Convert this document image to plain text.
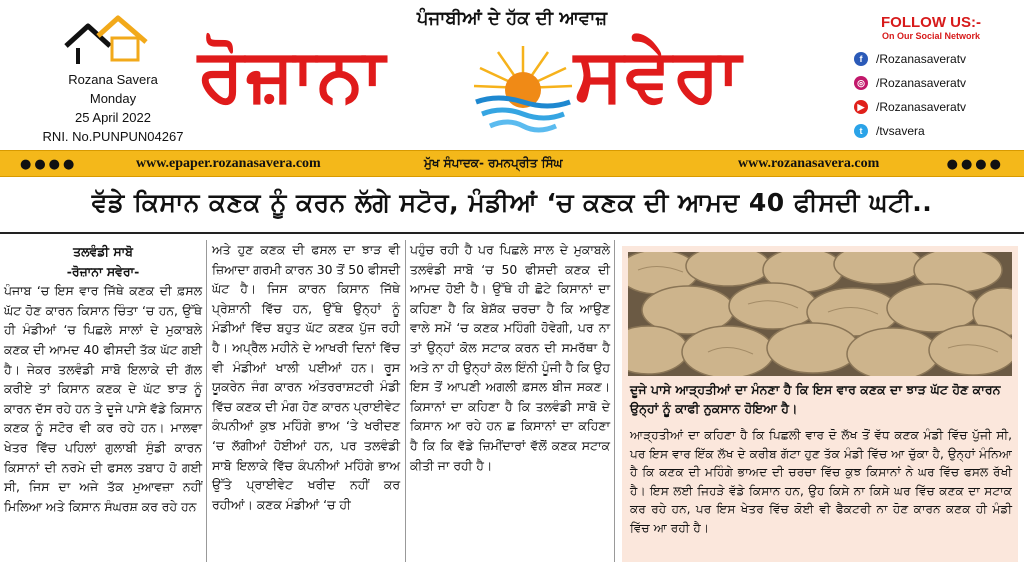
Rozana Savera
Monday
25 April 2022
RNI. No.PUNPUN04267
ਪੰਜਾਬੀਆਂ ਦੇ ਹੱਕ ਦੀ ਆਵਾਜ਼
ਰੋਜ਼ਾਨਾ	ਸਵੇਰਾ
FOLLOW US:-
On Our Social Network
f	/Rozanasaveratv
◎ /Rozanasaveratv
▶ /Rozanasaveratv
t	/tvsavera
●●●●	www.epaper.rozanasavera.com	ਮੁੱਖ ਸੰਪਾਦਕ- ਰਮਨਪ੍ਰੀਤ ਸਿੰਘ	www.rozanasavera.com	●●●●
ਵੱਡੇ ਕਿਸਾਨ ਕਣਕ ਨੂੰ ਕਰਨ ਲੱਗੇ ਸਟੋਰ, ਮੰਡੀਆਂ ‘ਚ ਕਣਕ ਦੀ ਆਮਦ 40 ਫੀਸਦੀ ਘਟੀ..
ਤਲਵੰਡੀ ਸਾਬੋ
-ਰੋਜ਼ਾਨਾ ਸਵੇਰਾ-
ਪੰਜਾਬ ‘ਚ ਇਸ ਵਾਰ ਜਿੱਥੇ ਕਣਕ ਦੀ ਫ਼ਸਲ ਘੱਟ ਹੋਣ ਕਾਰਨ ਕਿਸਾਨ ਚਿੰਤਾ ‘ਚ ਹਨ, ਉੱਥੇ ਹੀ ਮੰਡੀਆਂ ‘ਚ ਪਿਛਲੇ ਸਾਲਾਂ ਦੇ ਮੁਕਾਬਲੇ ਕਣਕ ਦੀ ਆਮਦ 40 ਫੀਸਦੀ ਤੱਕ ਘੱਟ ਗਈ ਹੈ। ਜੇਕਰ ਤਲਵੰਡੀ ਸਾਬੋ ਇਲਾਕੇ ਦੀ ਗੱਲ ਕਰੀਏ ਤਾਂ ਕਿਸਾਨ ਕਣਕ ਦੇ ਘੱਟ ਝਾੜ ਨੂੰ ਕਾਰਨ ਦੱਸ ਰਹੇ ਹਨ ਤੇ ਦੂਜੇ ਪਾਸੇ ਵੱਡੇ ਕਿਸਾਨ ਕਣਕ ਨੂੰ ਸਟੋਰ ਵੀ ਕਰ ਰਹੇ ਹਨ। ਮਾਲਵਾ ਖੇਤਰ ਵਿੱਚ ਪਹਿਲਾਂ ਗੁਲਾਬੀ ਸੁੰਡੀ ਕਾਰਨ ਕਿਸਾਨਾਂ ਦੀ ਨਰਮੇ ਦੀ ਫਸਲ ਤਬਾਹ ਹੋ ਗਈ ਸੀ, ਜਿਸ ਦਾ ਅਜੇ ਤੱਕ ਮੁਆਵਜ਼ਾ ਨਹੀਂ ਮਿਲਿਆ ਅਤੇ ਕਿਸਾਨ ਸੰਘਰਸ਼ ਕਰ ਰਹੇ ਹਨ
ਅਤੇ ਹੁਣ ਕਣਕ ਦੀ ਫਸਲ ਦਾ ਝਾੜ ਵੀ ਜ਼ਿਆਦਾ ਗਰਮੀ ਕਾਰਨ 30 ਤੋਂ 50 ਫੀਸਦੀ ਘੱਟ ਹੈ। ਜਿਸ ਕਾਰਨ ਕਿਸਾਨ ਜਿੱਥੇ ਪ੍ਰੇਸ਼ਾਨੀ ਵਿੱਚ ਹਨ, ਉੱਥੇ ਉਨ੍ਹਾਂ ਨੂੰ ਮੰਡੀਆਂ ਵਿੱਚ ਬਹੁਤ ਘੱਟ ਕਣਕ ਪੁੱਜ ਰਹੀ ਹੈ। ਅਪ੍ਰੈਲ ਮਹੀਨੇ ਦੇ ਆਖਰੀ ਦਿਨਾਂ ਵਿੱਚ ਵੀ ਮੰਡੀਆਂ ਖਾਲੀ ਪਈਆਂ ਹਨ। ਰੂਸ ਯੂਕਰੇਨ ਜੰਗ ਕਾਰਨ ਅੰਤਰਰਾਸ਼ਟਰੀ ਮੰਡੀ ਵਿੱਚ ਕਣਕ ਦੀ ਮੰਗ ਹੋਣ ਕਾਰਨ ਪ੍ਰਾਈਵੇਟ ਕੰਪਨੀਆਂ ਕੁਝ ਮਹਿੰਗੇ ਭਾਅ ‘ਤੇ ਖਰੀਦਣ ‘ਚ ਲੱਗੀਆਂ ਹੋਈਆਂ ਹਨ, ਪਰ ਤਲਵੰਡੀ ਸਾਬੋ ਇਲਾਕੇ ਵਿੱਚ ਕੰਪਨੀਆਂ ਮਹਿੰਗੇ ਭਾਅ ਉੱਤੇ ਪ੍ਰਾਈਵੇਟ ਖਰੀਦ ਨਹੀਂ ਕਰ ਰਹੀਆਂ। ਕਣਕ ਮੰਡੀਆਂ ‘ਚ ਹੀ
ਪਹੁੰਚ ਰਹੀ ਹੈ ਪਰ ਪਿਛਲੇ ਸਾਲ ਦੇ ਮੁਕਾਬਲੇ ਤਲਵੰਡੀ ਸਾਬੋ ‘ਚ 50 ਫੀਸਦੀ ਕਣਕ ਦੀ ਆਮਦ ਹੋਈ ਹੈ। ਉੱਥੇ ਹੀ ਛੋਟੇ ਕਿਸਾਨਾਂ ਦਾ ਕਹਿਣਾ ਹੈ ਕਿ ਬੇਸ਼ੱਕ ਚਰਚਾ ਹੈ ਕਿ ਆਉਣ ਵਾਲੇ ਸਮੇਂ ‘ਚ ਕਣਕ ਮਹਿੰਗੀ ਹੋਵੇਗੀ, ਪਰ ਨਾ ਤਾਂ ਉਨ੍ਹਾਂ ਕੋਲ ਸਟਾਕ ਕਰਨ ਦੀ ਸਮਰੱਥਾ ਹੈ ਅਤੇ ਨਾ ਹੀ ਉਨ੍ਹਾਂ ਕੋਲ ਇੰਨੀ ਪੂੰਜੀ ਹੈ ਕਿ ਉਹ ਇਸ ਤੋਂ ਆਪਣੀ ਅਗਲੀ ਫ਼ਸਲ ਬੀਜ ਸਕਣ। ਕਿਸਾਨਾਂ ਦਾ ਕਹਿਣਾ ਹੈ ਕਿ ਤਲਵੰਡੀ ਸਾਬੋ ਦੇ ਕਿਸਾਨ ਆ ਰਹੇ ਹਨ ਛ ਕਿਸਾਨਾਂ ਦਾ ਕਹਿਣਾ ਹੈ ਕਿ ਕਿ ਵੱਡੇ ਜ਼ਿਮੀਂਦਾਰਾਂ ਵੱਲੋਂ ਕਣਕ ਸਟਾਕ ਕੀਤੀ ਜਾ ਰਹੀ ਹੈ।
ਦੂਜੇ ਪਾਸੇ ਆੜ੍ਹਤੀਆਂ ਦਾ ਮੰਨਣਾ ਹੈ ਕਿ ਇਸ ਵਾਰ ਕਣਕ ਦਾ ਝਾੜ ਘੱਟ ਹੋਣ ਕਾਰਨ ਉਨ੍ਹਾਂ ਨੂੰ ਕਾਫੀ ਨੁਕਸਾਨ ਹੋਇਆ ਹੈ।
ਆੜ੍ਹਤੀਆਂ ਦਾ ਕਹਿਣਾ ਹੈ ਕਿ ਪਿਛਲੀ ਵਾਰ ਦੋ ਲੱਖ ਤੋਂ ਵੱਧ ਕਣਕ ਮੰਡੀ ਵਿੱਚ ਪੁੱਜੀ ਸੀ, ਪਰ ਇਸ ਵਾਰ ਇੱਕ ਲੱਖ ਦੇ ਕਰੀਬ ਗੱਟਾ ਹੁਣ ਤੱਕ ਮੰਡੀ ਵਿੱਚ ਆ ਚੁੱਕਾ ਹੈ, ਉਨ੍ਹਾਂ ਮੰਨਿਆ ਹੈ ਕਿ ਕਣਕ ਦੀ ਮਹਿੰਗੇ ਭਾਅਦ ਦੀ ਚਰਚਾ ਵਿੱਚ ਕੁਝ ਕਿਸਾਨਾਂ ਨੇ ਘਰ ਵਿੱਚ ਫਸਲ ਰੱਖੀ ਹੈ। ਇਸ ਲਈ ਜਿਹੜੇ ਵੱਡੇ ਕਿਸਾਨ ਹਨ, ਉਹ ਕਿਸੇ ਨਾ ਕਿਸੇ ਘਰ ਵਿੱਚ ਕਣਕ ਦਾ ਸਟਾਕ ਕਰ ਰਹੇ ਹਨ, ਪਰ ਇਸ ਖੇਤਰ ਵਿੱਚ ਕੋਈ ਵੀ ਫੈਕਟਰੀ ਨਾ ਹੋਣ ਕਾਰਨ ਕਣਕ ਹੀ ਮੰਡੀ ਵਿੱਚ ਆ ਰਹੀ ਹੈ।
